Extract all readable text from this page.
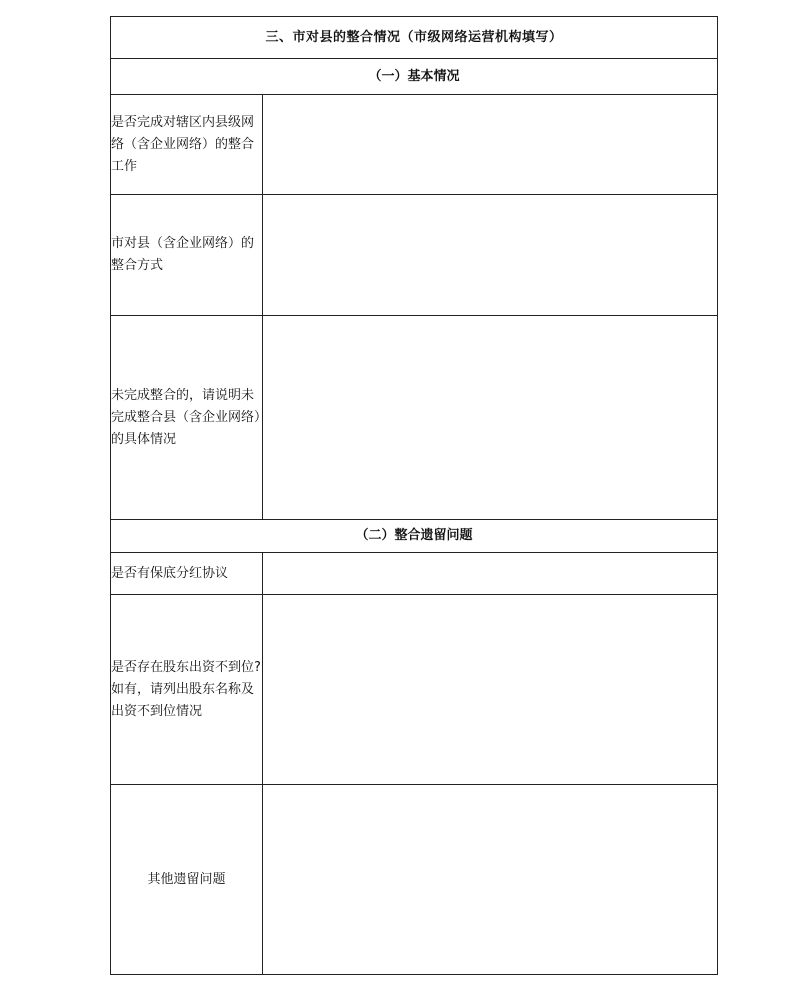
三、市对县的整合情况（市级网络运营机构填写）	
（一）基本情况	
是否完成对辖区内县级网络（含企业网络）的整合工作	
市对县（含企业网络）的整合方式	
未完成整合的，请说明未完成整合县（含企业网络）的具体情况	
（二）整合遗留问题	
是否有保底分红协议	
是否存在股东出资不到位?如有，请列出股东名称及出资不到位情况	
其他遗留问题	
